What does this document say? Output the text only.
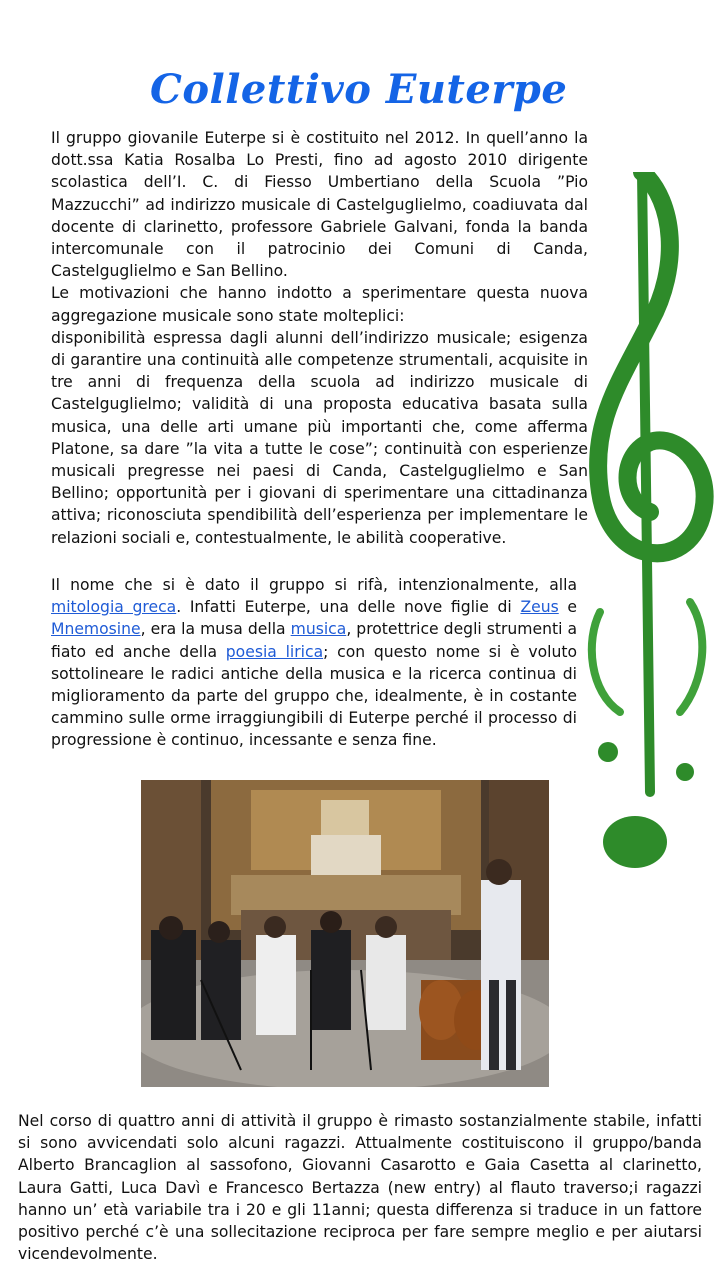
Collettivo Euterpe
Il gruppo giovanile Euterpe si è costituito nel 2012. In quell’anno la dott.ssa Katia Rosalba Lo Presti, fino ad agosto 2010 dirigente scolastica dell’I. C. di Fiesso Umbertiano della Scuola ”Pio Mazzucchi” ad indirizzo musicale di Castelguglielmo, coadiuvata dal docente di clarinetto, professore Gabriele Galvani, fonda la banda intercomunale con il patrocinio dei Comuni di Canda, Castelguglielmo e San Bellino.
Le motivazioni che hanno indotto a sperimentare questa nuova aggregazione musicale sono state molteplici:
disponibilità espressa dagli alunni dell’indirizzo musicale; esigenza di garantire una continuità alle competenze strumentali, acquisite in tre anni di frequenza della scuola ad indirizzo musicale di Castelguglielmo; validità di una proposta educativa basata sulla musica, una delle arti umane più importanti che, come afferma Platone, sa dare ”la vita a tutte le cose”; continuità con esperienze musicali pregresse nei paesi di Canda, Castelguglielmo e San Bellino; opportunità per i giovani di sperimentare una cittadinanza attiva; riconosciuta spendibilità dell’esperienza per implementare le relazioni sociali e, contestualmente, le abilità cooperative.
Il nome che si è dato il gruppo si rifà, intenzionalmente, alla mitologia greca. Infatti Euterpe, una delle nove figlie di Zeus e Mnemosine, era la musa della musica, protettrice degli strumenti a fiato ed anche della poesia lirica; con questo nome si è voluto sottolineare le radici antiche della musica e la ricerca continua di miglioramento da parte del gruppo che, idealmente, è in costante cammino sulle orme irraggiungibili di Euterpe perché il processo di progressione è continuo, incessante e senza fine.
Nel corso di quattro anni di attività il gruppo è rimasto sostanzialmente stabile, infatti si sono avvicendati solo alcuni ragazzi. Attualmente costituiscono il gruppo/banda Alberto Brancaglion al sassofono, Giovanni Casarotto e Gaia Casetta al clarinetto, Laura Gatti, Luca Davì e Francesco Bertazza (new entry) al flauto traverso;i ragazzi hanno un’ età variabile tra i 20 e gli 11anni; questa differenza si traduce in un fattore positivo perché c’è una sollecitazione reciproca per fare sempre meglio e per aiutarsi vicendevolmente.
